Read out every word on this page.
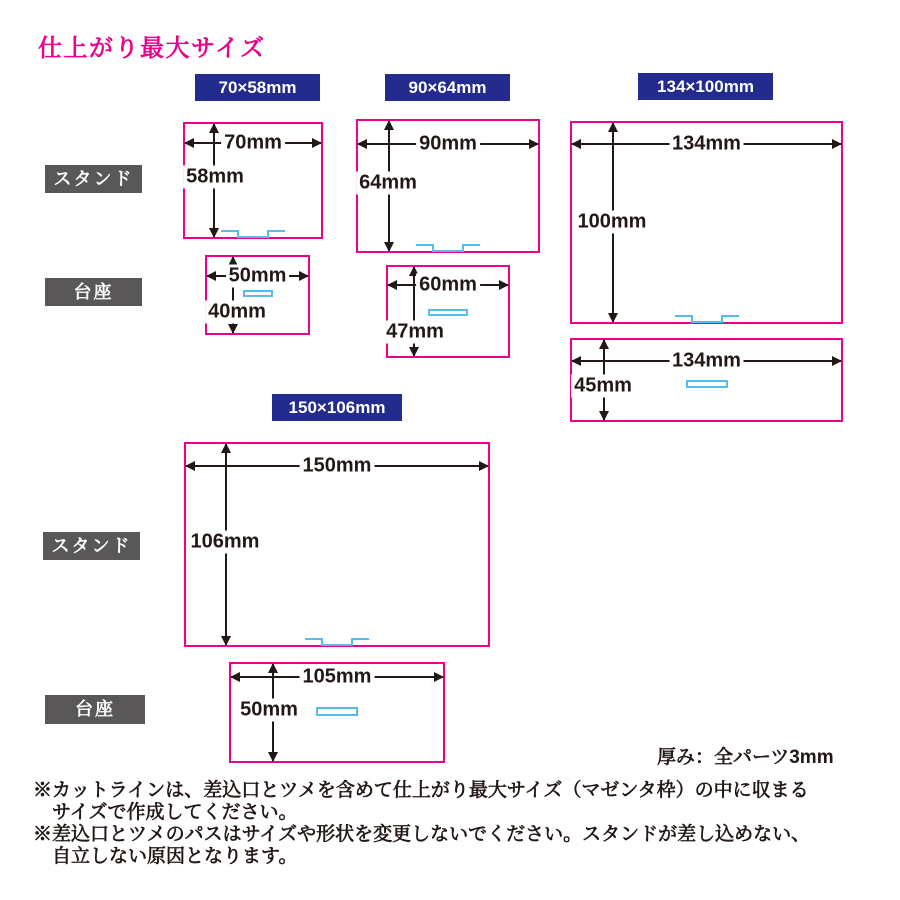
仕上がり最大サイズ
70×58mm	90×64mm	134×100mm
150×106mm
スタンド
台座
スタンド
台座
70mm
58mm
50mm
40mm
90mm
64mm
60mm
47mm
134mm
100mm
134mm
45mm
150mm
106mm
105mm
50mm
厚み：全パーツ3mm
※カットラインは、差込口とツメを含めて仕上がり最大サイズ（マゼンタ枠）の中に収まる
サイズで作成してください。
※差込口とツメのパスはサイズや形状を変更しないでください。スタンドが差し込めない、
自立しない原因となります。
